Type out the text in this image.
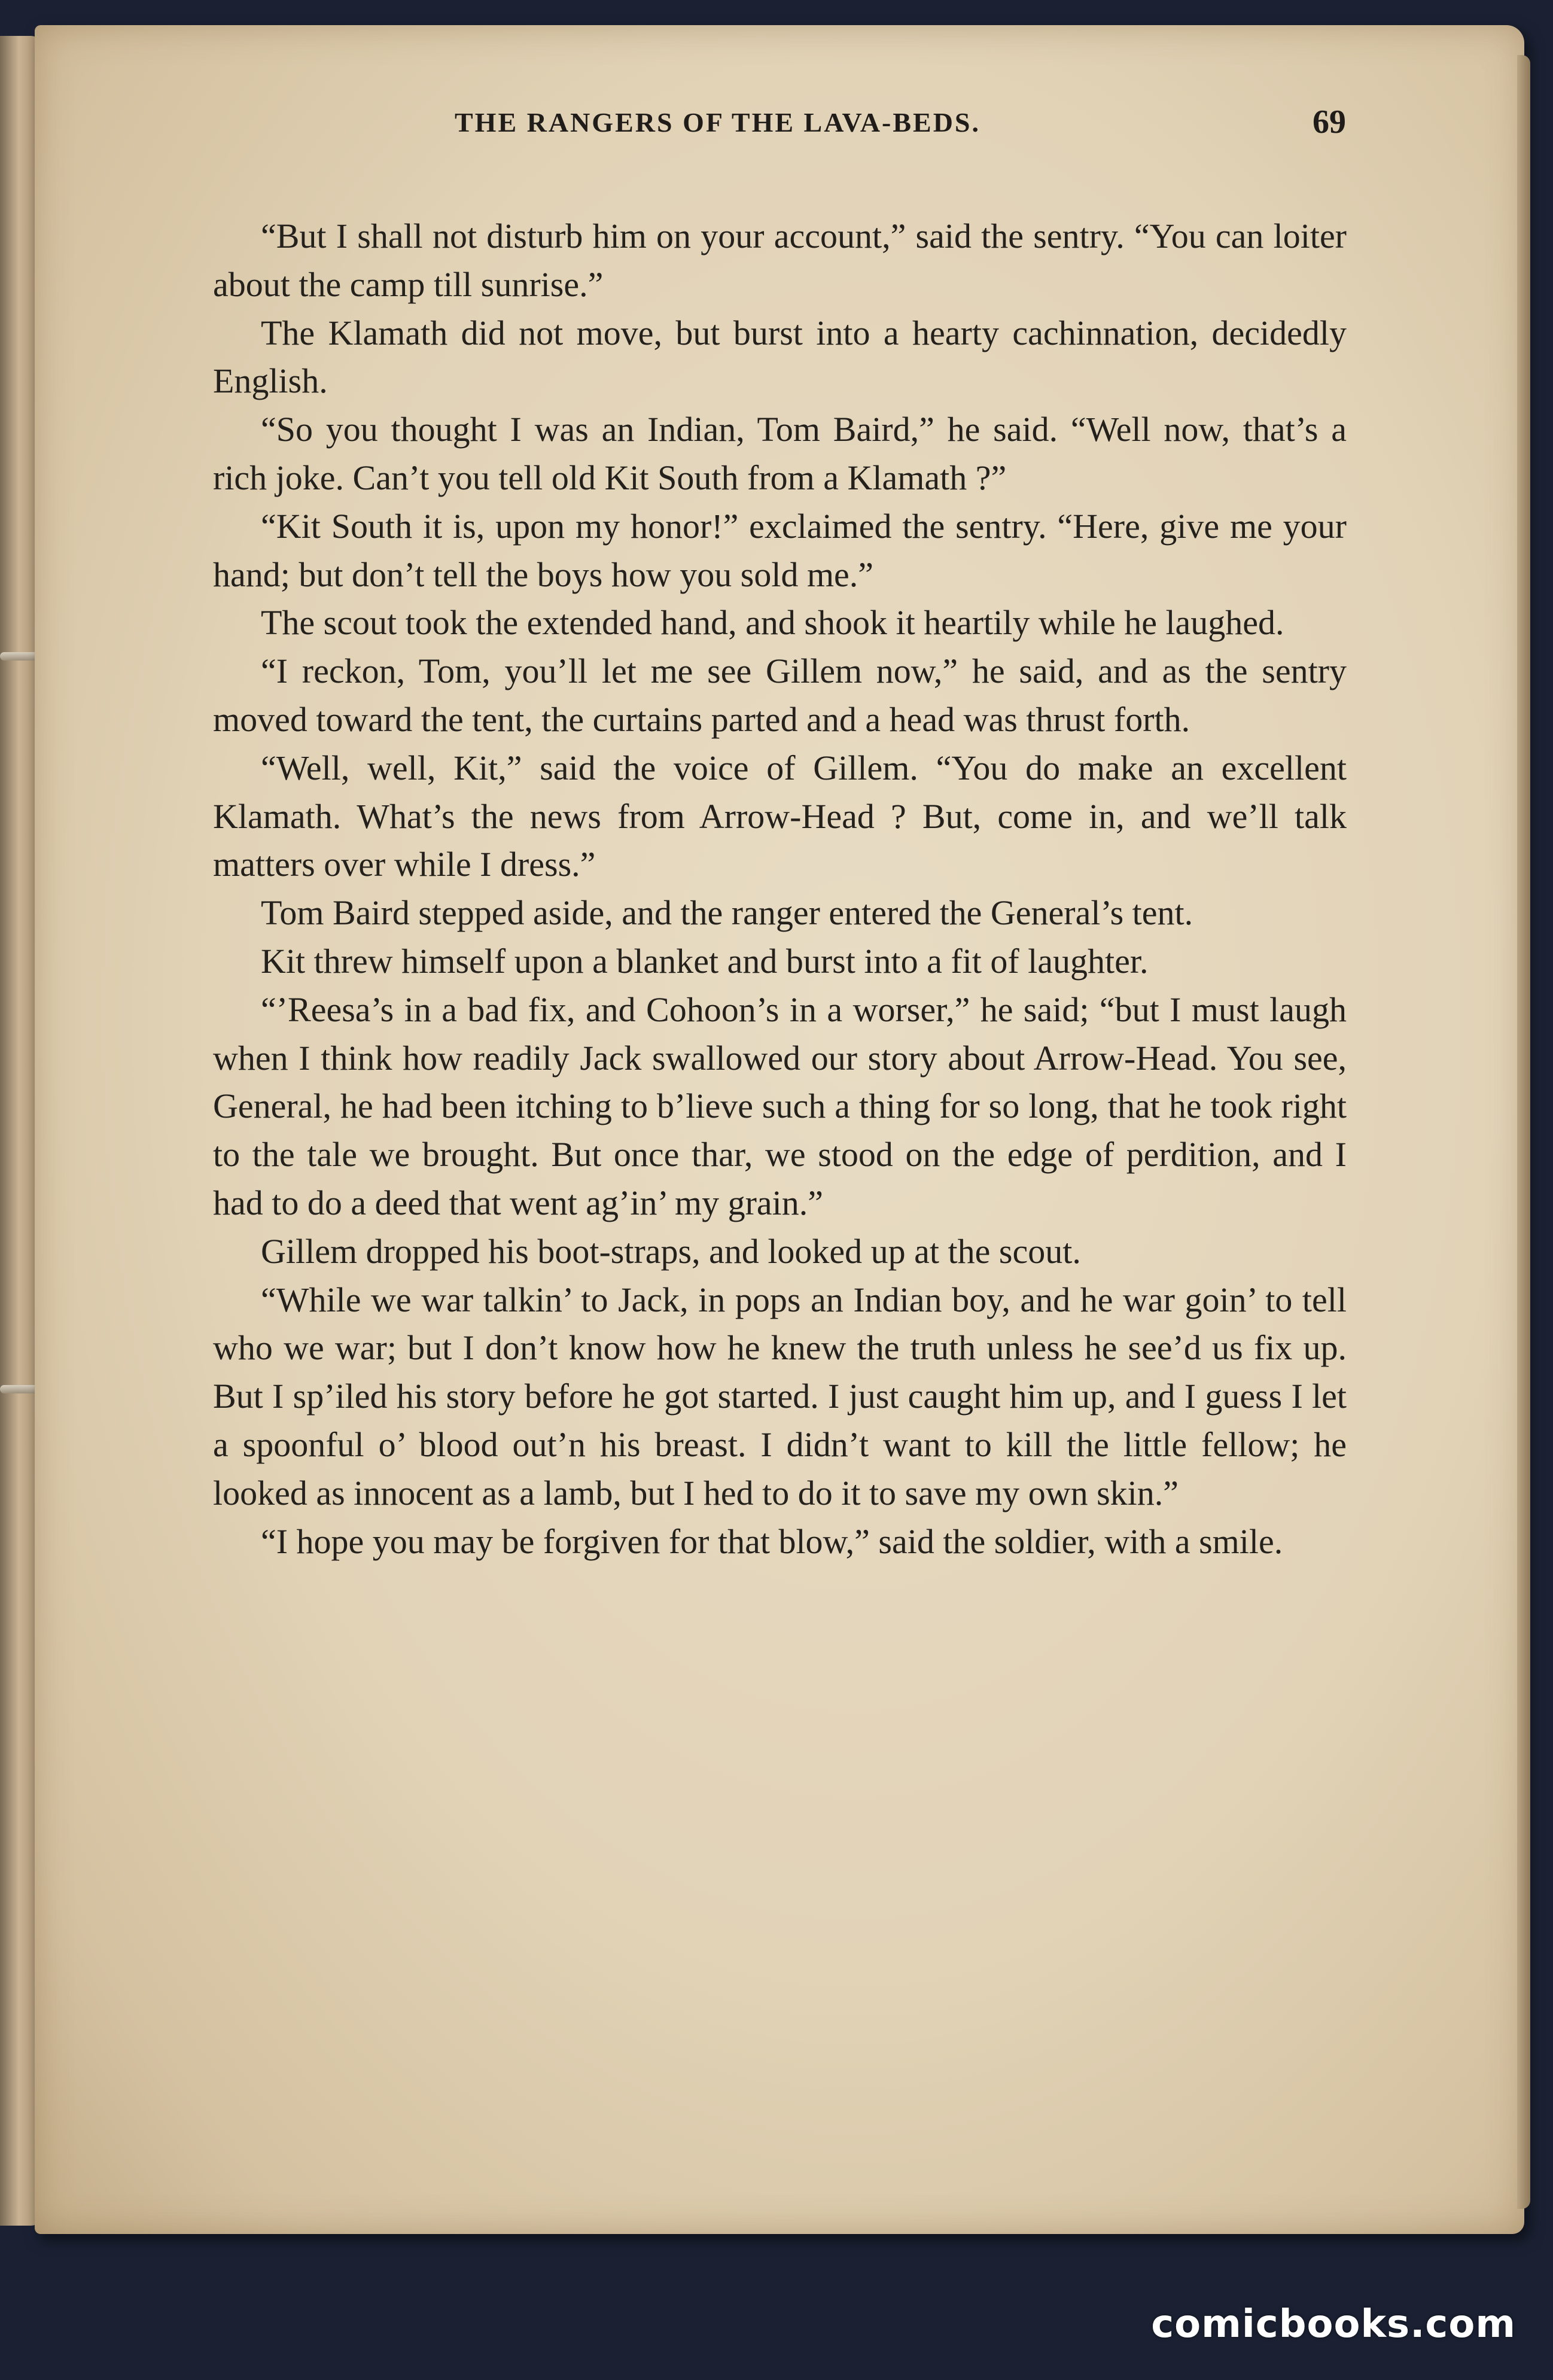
THE RANGERS OF THE LAVA-BEDS.	69

“But I shall not disturb him on your account,” said the sentry. “You can loiter about the camp till sunrise.”

The Klamath did not move, but burst into a hearty cachinnation, decidedly English.

“So you thought I was an Indian, Tom Baird,” he said. “Well now, that’s a rich joke. Can’t you tell old Kit South from a Klamath ?”

“Kit South it is, upon my honor!” exclaimed the sentry. “Here, give me your hand; but don’t tell the boys how you sold me.”

The scout took the extended hand, and shook it heartily while he laughed.

“I reckon, Tom, you’ll let me see Gillem now,” he said, and as the sentry moved toward the tent, the curtains parted and a head was thrust forth.

“Well, well, Kit,” said the voice of Gillem. “You do make an excellent Klamath. What’s the news from Arrow-Head ? But, come in, and we’ll talk matters over while I dress.”

Tom Baird stepped aside, and the ranger entered the General’s tent.

Kit threw himself upon a blanket and burst into a fit of laughter.

“’Reesa’s in a bad fix, and Cohoon’s in a worser,” he said; “but I must laugh when I think how readily Jack swallowed our story about Arrow-Head. You see, General, he had been itching to b’lieve such a thing for so long, that he took right to the tale we brought. But once thar, we stood on the edge of perdition, and I had to do a deed that went ag’in’ my grain.”

Gillem dropped his boot-straps, and looked up at the scout.

“While we war talkin’ to Jack, in pops an Indian boy, and he war goin’ to tell who we war; but I don’t know how he knew the truth unless he see’d us fix up. But I sp’iled his story before he got started. I just caught him up, and I guess I let a spoonful o’ blood out’n his breast. I didn’t want to kill the little fellow; he looked as innocent as a lamb, but I hed to do it to save my own skin.”

“I hope you may be forgiven for that blow,” said the soldier, with a smile.

comicbooks.com
